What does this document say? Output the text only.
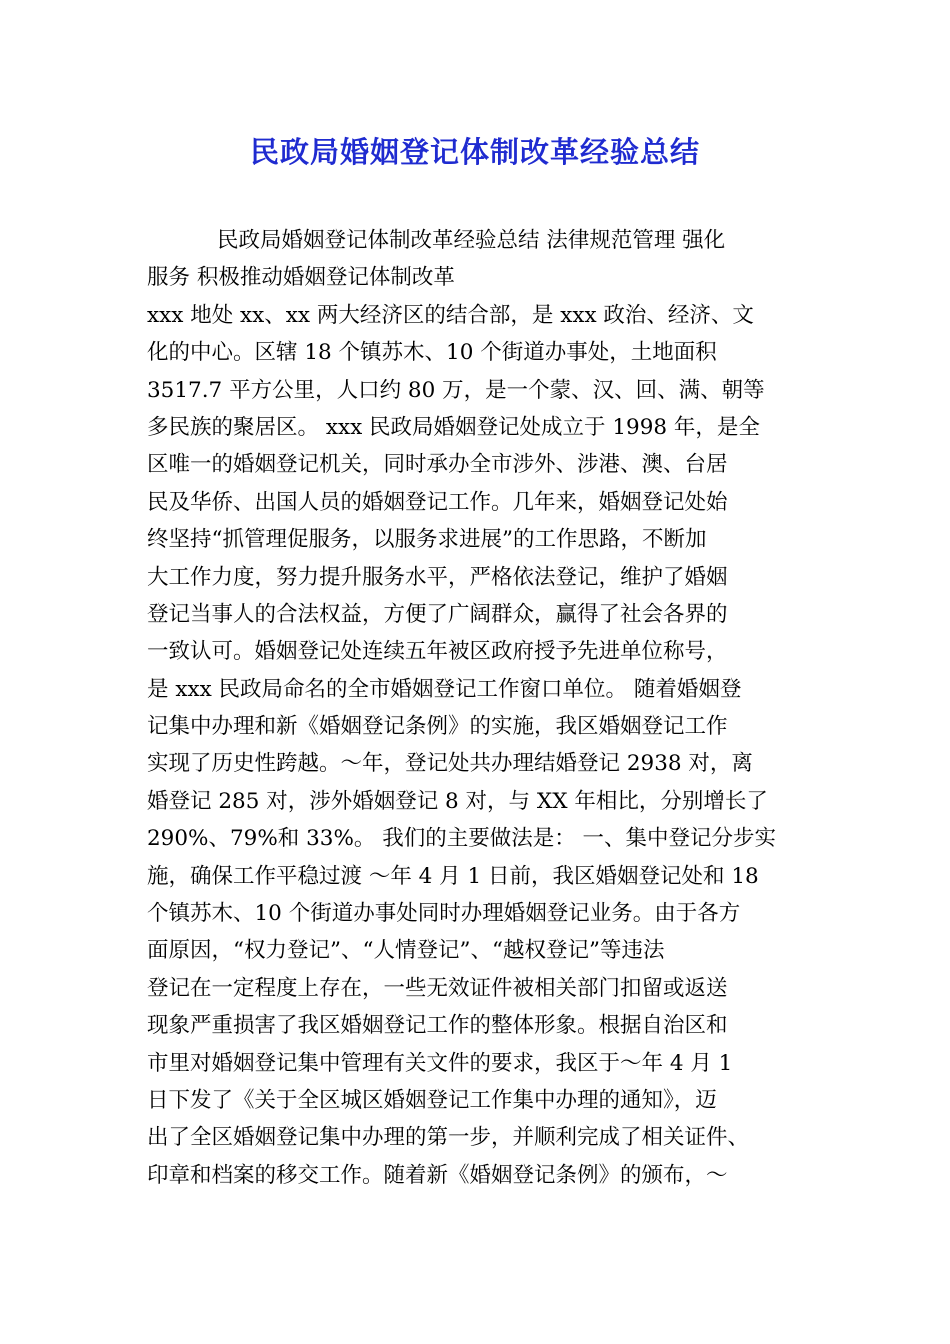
民政局婚姻登记体制改革经验总结
民政局婚姻登记体制改革经验总结 法律规范管理 强化
服务 积极推动婚姻登记体制改革
xxx 地处 xx、xx 两大经济区的结合部，是 xxx 政治、经济、文
化的中心。区辖 18 个镇苏木、10 个街道办事处，土地面积
3517.7 平方公里，人口约 80 万，是一个蒙、汉、回、满、朝等
多民族的聚居区。 xxx 民政局婚姻登记处成立于 1998 年，是全
区唯一的婚姻登记机关，同时承办全市涉外、涉港、澳、台居
民及华侨、出国人员的婚姻登记工作。几年来，婚姻登记处始
终坚持“抓管理促服务，以服务求进展”的工作思路，不断加
大工作力度，努力提升服务水平，严格依法登记，维护了婚姻
登记当事人的合法权益，方便了广阔群众，赢得了社会各界的
一致认可。婚姻登记处连续五年被区政府授予先进单位称号，
是 xxx 民政局命名的全市婚姻登记工作窗口单位。 随着婚姻登
记集中办理和新《婚姻登记条例》的实施，我区婚姻登记工作
实现了历史性跨越。～年，登记处共办理结婚登记 2938 对，离
婚登记 285 对，涉外婚姻登记 8 对，与 XX 年相比，分别增长了
290%、79%和 33%。 我们的主要做法是： 一、集中登记分步实
施，确保工作平稳过渡 ～年 4 月 1 日前，我区婚姻登记处和 18
个镇苏木、10 个街道办事处同时办理婚姻登记业务。由于各方
面原因，“权力登记”、“人情登记”、“越权登记”等违法
登记在一定程度上存在，一些无效证件被相关部门扣留或返送
现象严重损害了我区婚姻登记工作的整体形象。根据自治区和
市里对婚姻登记集中管理有关文件的要求，我区于～年 4 月 1
日下发了《关于全区城区婚姻登记工作集中办理的通知》，迈
出了全区婚姻登记集中办理的第一步，并顺利完成了相关证件、
印章和档案的移交工作。随着新《婚姻登记条例》的颁布，～
